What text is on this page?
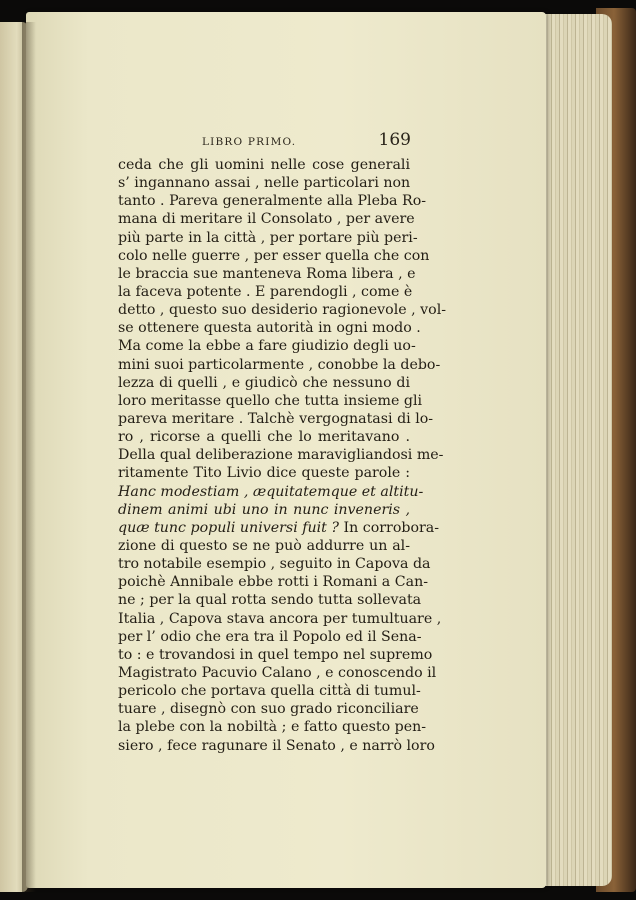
LIBRO PRIMO.	169
ceda che gli uomini nelle cose generali
s’ ingannano assai , nelle particolari non
tanto . Pareva generalmente alla Pleba Ro-
mana di meritare il Consolato , per avere
più parte in la città , per portare più peri-
colo nelle guerre , per esser quella che con
le braccia sue manteneva Roma libera , e
la faceva potente . E parendogli , come è
detto , questo suo desiderio ragionevole , vol-
se ottenere questa autorità in ogni modo .
Ma come la ebbe a fare giudizio degli uo-
mini suoi particolarmente , conobbe la debo-
lezza di quelli , e giudicò che nessuno di
loro meritasse quello che tutta insieme gli
pareva meritare . Talchè vergognatasi di lo-
ro , ricorse a quelli che lo meritavano .
Della qual deliberazione maravigliandosi me-
ritamente Tito Livio dice queste parole :
Hanc modestiam , æquitatemque et altitu-
dinem animi ubi uno in nunc inveneris ,
quæ tunc populi universi fuit ? In corrobora-
zione di questo se ne può addurre un al-
tro notabile esempio , seguito in Capova da
poichè Annibale ebbe rotti i Romani a Can-
ne ; per la qual rotta sendo tutta sollevata
Italia , Capova stava ancora per tumultuare ,
per l’ odio che era tra il Popolo ed il Sena-
to : e trovandosi in quel tempo nel supremo
Magistrato Pacuvio Calano , e conoscendo il
pericolo che portava quella città di tumul-
tuare , disegnò con suo grado riconciliare
la plebe con la nobiltà ; e fatto questo pen-
siero , fece ragunare il Senato , e narrò loro
